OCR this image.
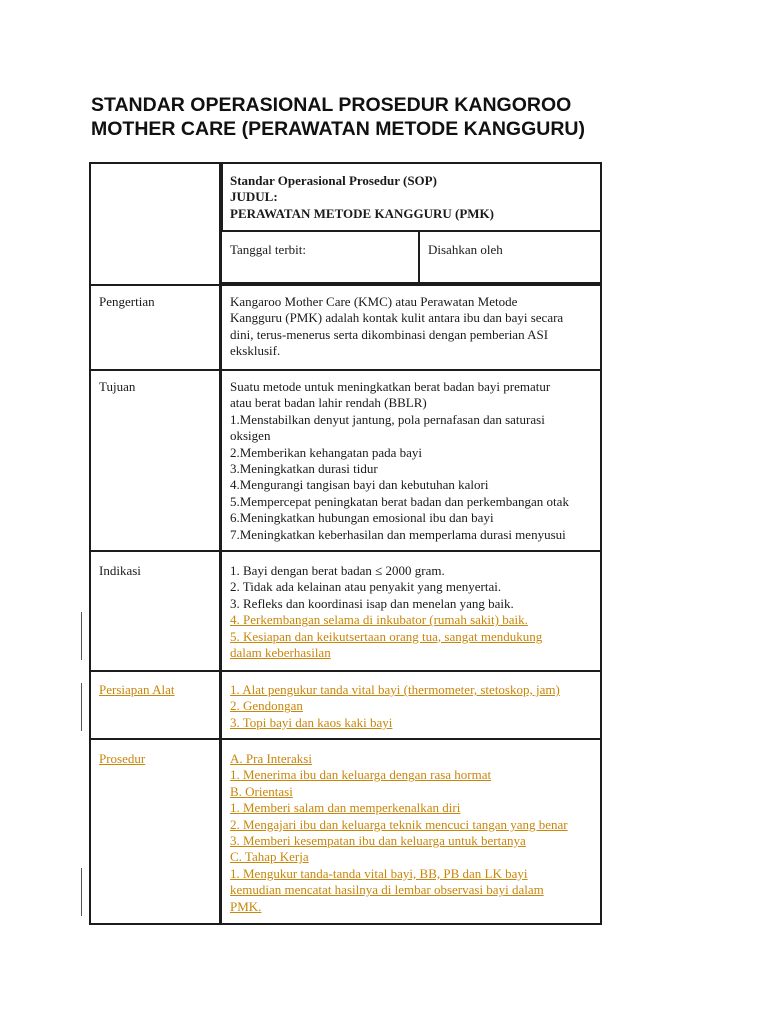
STANDAR OPERASIONAL PROSEDUR KANGOROO
MOTHER CARE (PERAWATAN METODE KANGGURU)
Standar Operasional Prosedur (SOP)
JUDUL:
PERAWATAN METODE KANGGURU (PMK)
Tanggal terbit:	Disahkan oleh
Pengertian	Kangaroo Mother Care (KMC) atau Perawatan Metode
Kangguru (PMK) adalah kontak kulit antara ibu dan bayi secara
dini, terus-menerus serta dikombinasi dengan pemberian ASI
eksklusif.
Tujuan	Suatu metode untuk meningkatkan berat badan bayi prematur
atau berat badan lahir rendah (BBLR)
1.Menstabilkan denyut jantung, pola pernafasan dan saturasi
oksigen
2.Memberikan kehangatan pada bayi
3.Meningkatkan durasi tidur
4.Mengurangi tangisan bayi dan kebutuhan kalori
5.Mempercepat peningkatan berat badan dan perkembangan otak
6.Meningkatkan hubungan emosional ibu dan bayi
7.Meningkatkan keberhasilan dan memperlama durasi menyusui
Indikasi	1. Bayi dengan berat badan ≤ 2000 gram.
2. Tidak ada kelainan atau penyakit yang menyertai.
3. Refleks dan koordinasi isap dan menelan yang baik.
4. Perkembangan selama di inkubator (rumah sakit) baik.
5. Kesiapan dan keikutsertaan orang tua, sangat mendukung
dalam keberhasilan
Persiapan Alat	1. Alat pengukur tanda vital bayi (thermometer, stetoskop, jam)
2. Gendongan
3. Topi bayi dan kaos kaki bayi
Prosedur	A. Pra Interaksi
1. Menerima ibu dan keluarga dengan rasa hormat
B. Orientasi
1. Memberi salam dan memperkenalkan diri
2. Mengajari ibu dan keluarga teknik mencuci tangan yang benar
3. Memberi kesempatan ibu dan keluarga untuk bertanya
C. Tahap Kerja
1. Mengukur tanda-tanda vital bayi, BB, PB dan LK bayi
kemudian mencatat hasilnya di lembar observasi bayi dalam
PMK.
